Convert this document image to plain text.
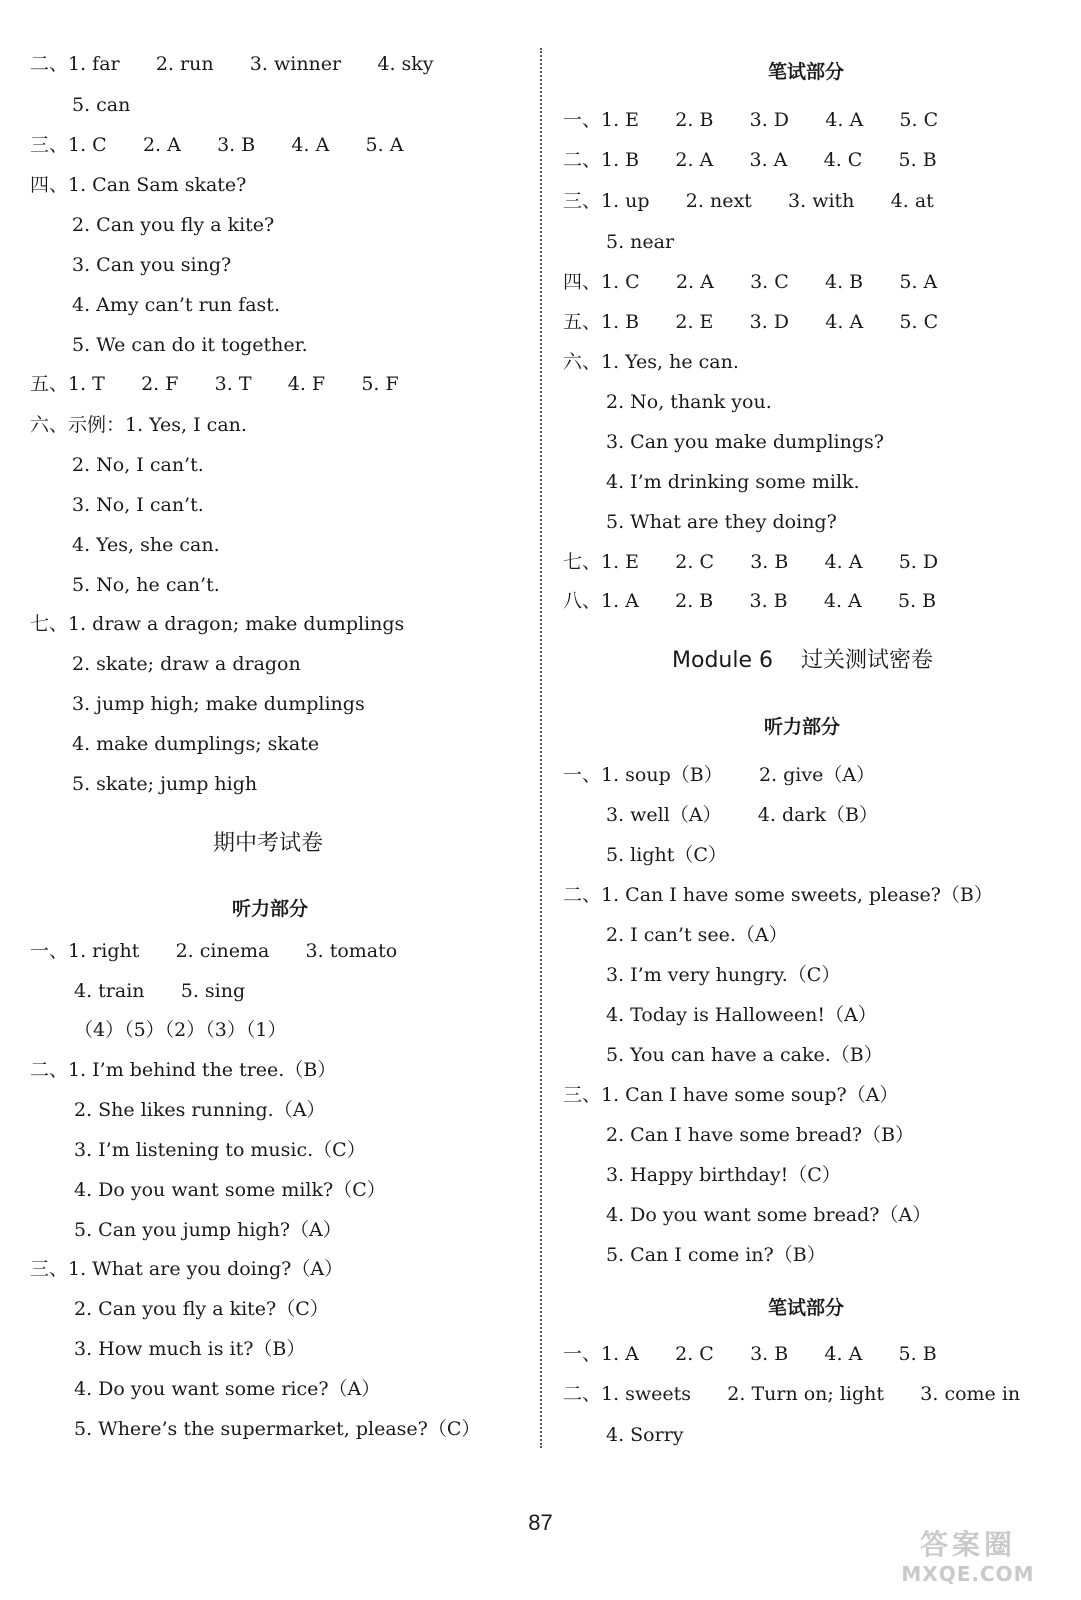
二、1. far      2. run      3. winner      4. sky
5. can
三、1. C      2. A      3. B      4. A      5. A
四、1. Can Sam skate?
2. Can you fly a kite?
3. Can you sing?
4. Amy can’t run fast.
5. We can do it together.
五、1. T      2. F      3. T      4. F      5. F
六、示例：1. Yes, I can.
2. No, I can’t.
3. No, I can’t.
4. Yes, she can.
5. No, he can’t.
七、1. draw a dragon; make dumplings
2. skate; draw a dragon
3. jump high; make dumplings
4. make dumplings; skate
5. skate; jump high
期中考试卷
听力部分
一、1. right      2. cinema      3. tomato
4. train      5. sing
（4）（5）（2）（3）（1）
二、1. I’m behind the tree.（B）
2. She likes running.（A）
3. I’m listening to music.（C）
4. Do you want some milk?（C）
5. Can you jump high?（A）
三、1. What are you doing?（A）
2. Can you fly a kite?（C）
3. How much is it?（B）
4. Do you want some rice?（A）
5. Where’s the supermarket, please?（C）
笔试部分
一、1. E      2. B      3. D      4. A      5. C
二、1. B      2. A      3. A      4. C      5. B
三、1. up      2. next      3. with      4. at
5. near
四、1. C      2. A      3. C      4. B      5. A
五、1. B      2. E      3. D      4. A      5. C
六、1. Yes, he can.
2. No, thank you.
3. Can you make dumplings?
4. I’m drinking some milk.
5. What are they doing?
七、1. E      2. C      3. B      4. A      5. D
八、1. A      2. B      3. B      4. A      5. B
Module 6    过关测试密卷
听力部分
一、1. soup（B）      2. give（A）
3. well（A）      4. dark（B）
5. light（C）
二、1. Can I have some sweets, please?（B）
2. I can’t see.（A）
3. I’m very hungry.（C）
4. Today is Halloween!（A）
5. You can have a cake.（B）
三、1. Can I have some soup?（A）
2. Can I have some bread?（B）
3. Happy birthday!（C）
4. Do you want some bread?（A）
5. Can I come in?（B）
笔试部分
一、1. A      2. C      3. B      4. A      5. B
二、1. sweets      2. Turn on; light      3. come in
4. Sorry
87
答案圈
MXQE.COM
